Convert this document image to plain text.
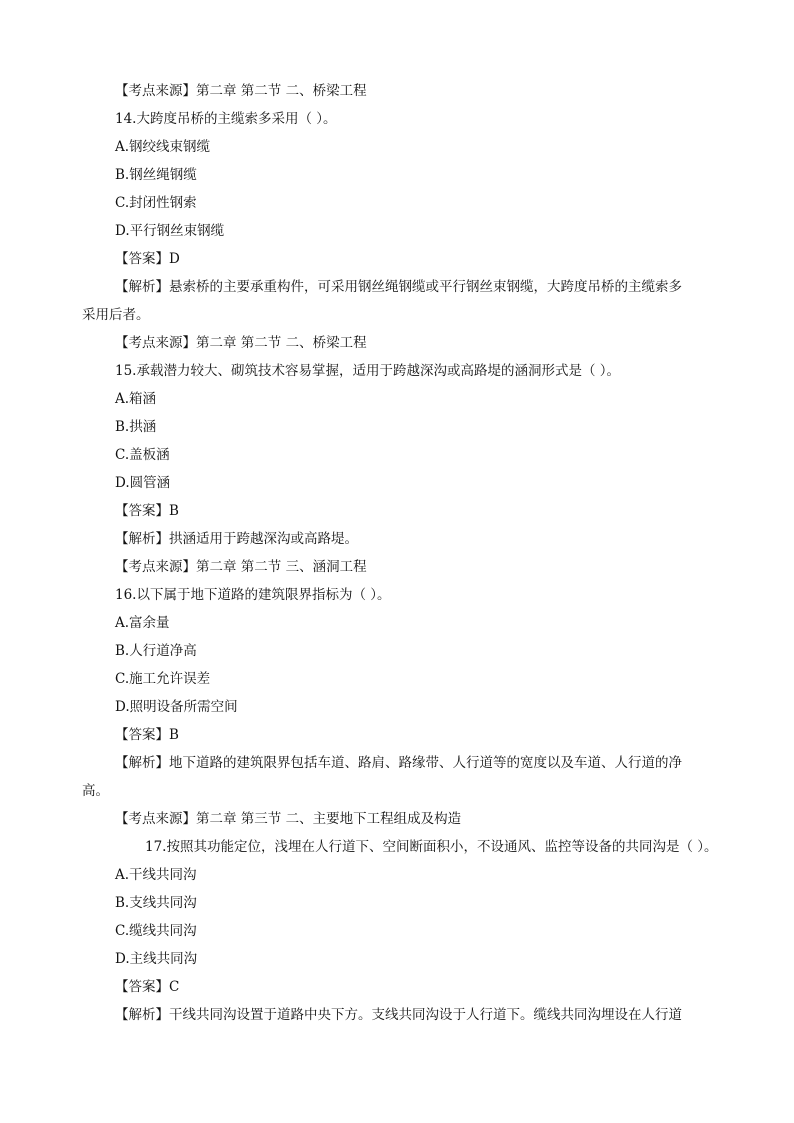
【考点来源】第二章 第二节 二、桥梁工程
14.大跨度吊桥的主缆索多采用（ ）。
A.钢绞线束钢缆
B.钢丝绳钢缆
C.封闭性钢索
D.平行钢丝束钢缆
【答案】D
【解析】悬索桥的主要承重构件，可采用钢丝绳钢缆或平行钢丝束钢缆，大跨度吊桥的主缆索多
采用后者。
【考点来源】第二章 第二节 二、桥梁工程
15.承载潜力较大、砌筑技术容易掌握，适用于跨越深沟或高路堤的涵洞形式是（ ）。
A.箱涵
B.拱涵
C.盖板涵
D.圆管涵
【答案】B
【解析】拱涵适用于跨越深沟或高路堤。
【考点来源】第二章 第二节 三、涵洞工程
16.以下属于地下道路的建筑限界指标为（ ）。
A.富余量
B.人行道净高
C.施工允许误差
D.照明设备所需空间
【答案】B
【解析】地下道路的建筑限界包括车道、路肩、路缘带、人行道等的宽度以及车道、人行道的净
高。
【考点来源】第二章 第三节 二、主要地下工程组成及构造
17.按照其功能定位，浅埋在人行道下、空间断面积小，不设通风、监控等设备的共同沟是（ ）。
A.干线共同沟
B.支线共同沟
C.缆线共同沟
D.主线共同沟
【答案】C
【解析】干线共同沟设置于道路中央下方。支线共同沟设于人行道下。缆线共同沟埋设在人行道
